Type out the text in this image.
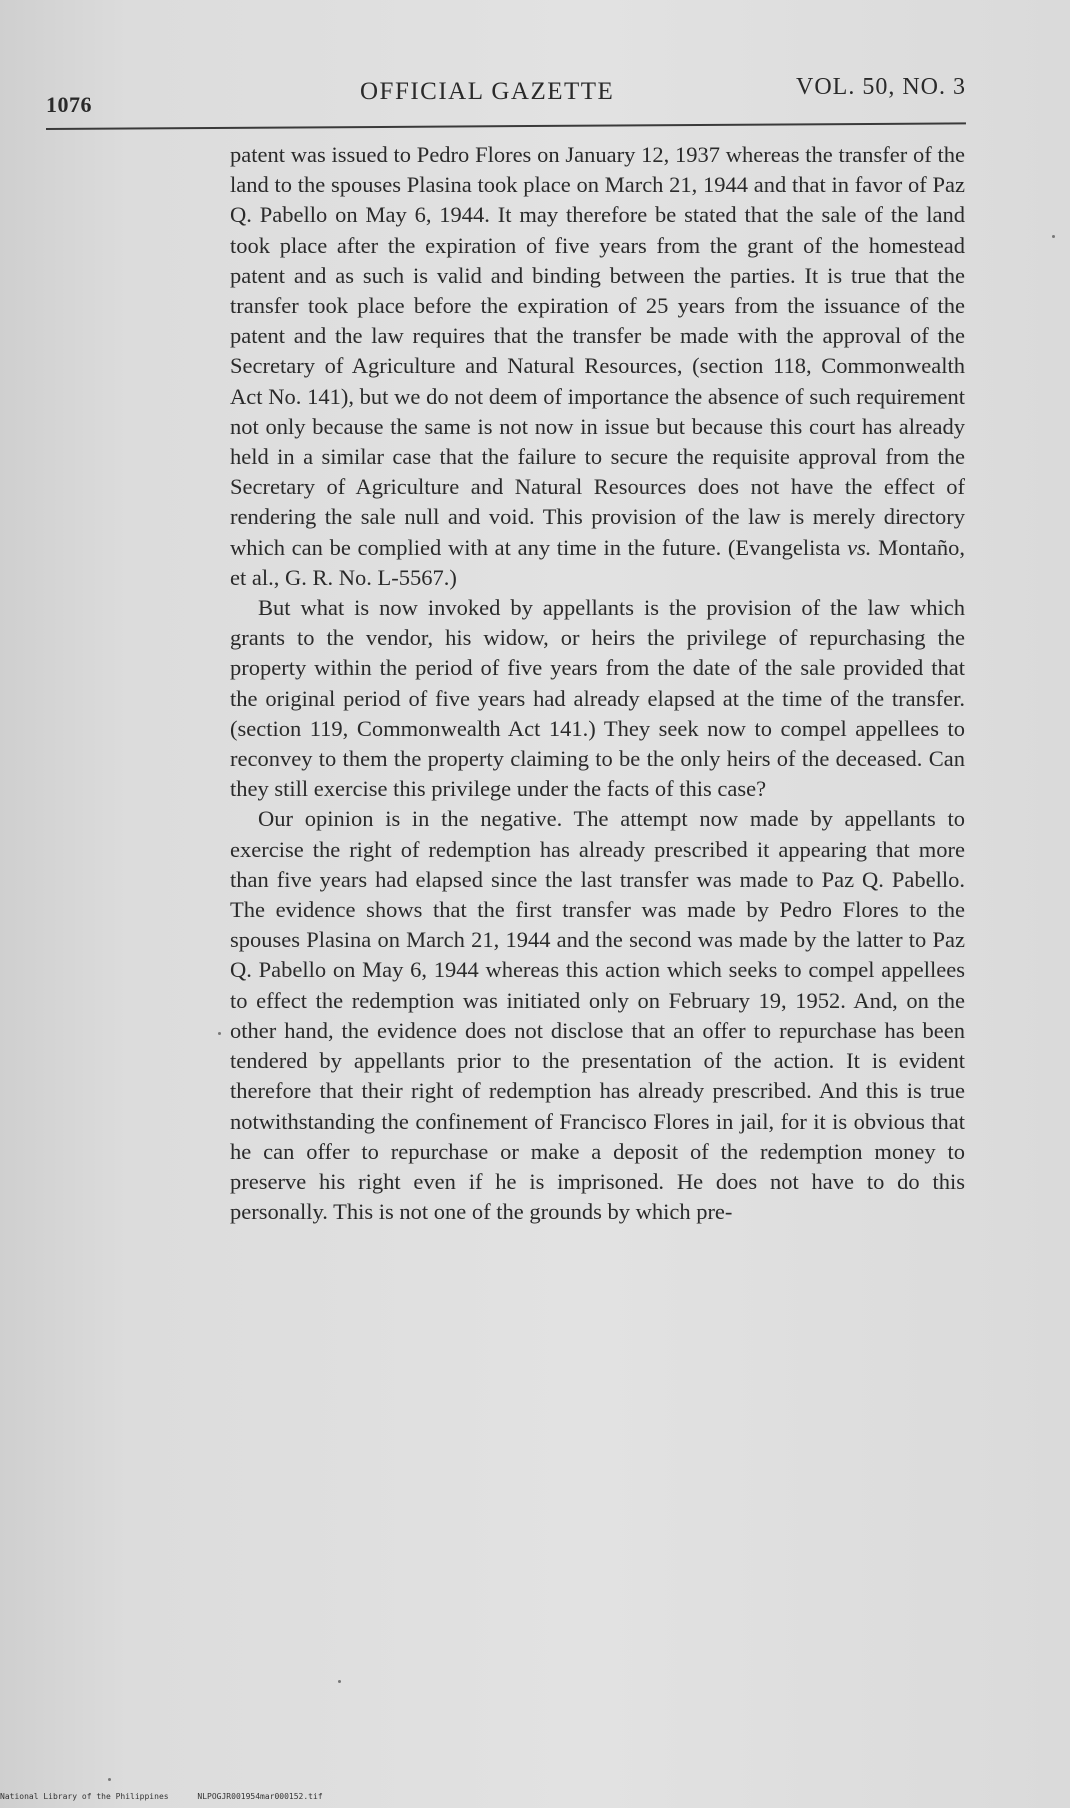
1076	OFFICIAL GAZETTE	VOL. 50, NO. 3

patent was issued to Pedro Flores on January 12, 1937 whereas the transfer of the land to the spouses Plasina took place on March 21, 1944 and that in favor of Paz Q. Pabello on May 6, 1944. It may therefore be stated that the sale of the land took place after the expiration of five years from the grant of the homestead patent and as such is valid and binding between the parties. It is true that the transfer took place before the expiration of 25 years from the issuance of the patent and the law requires that the transfer be made with the approval of the Secretary of Agriculture and Natural Resources, (section 118, Commonwealth Act No. 141), but we do not deem of importance the absence of such requirement not only because the same is not now in issue but because this court has already held in a similar case that the failure to secure the requisite approval from the Secretary of Agriculture and Natural Resources does not have the effect of rendering the sale null and void. This provision of the law is merely directory which can be complied with at any time in the future. (Evangelista vs. Montaño, et al., G. R. No. L-5567.)

But what is now invoked by appellants is the provision of the law which grants to the vendor, his widow, or heirs the privilege of repurchasing the property within the period of five years from the date of the sale provided that the original period of five years had already elapsed at the time of the transfer. (section 119, Commonwealth Act 141.) They seek now to compel appellees to reconvey to them the property claiming to be the only heirs of the deceased. Can they still exercise this privilege under the facts of this case?

Our opinion is in the negative. The attempt now made by appellants to exercise the right of redemption has already prescribed it appearing that more than five years had elapsed since the last transfer was made to Paz Q. Pabello. The evidence shows that the first transfer was made by Pedro Flores to the spouses Plasina on March 21, 1944 and the second was made by the latter to Paz Q. Pabello on May 6, 1944 whereas this action which seeks to compel appellees to effect the redemption was initiated only on February 19, 1952. And, on the other hand, the evidence does not disclose that an offer to repurchase has been tendered by appellants prior to the presentation of the action. It is evident therefore that their right of redemption has already prescribed. And this is true notwithstanding the confinement of Francisco Flores in jail, for it is obvious that he can offer to repurchase or make a deposit of the redemption money to preserve his right even if he is imprisoned. He does not have to do this personally. This is not one of the grounds by which pre-

National Library of the Philippines	NLPOGJR001954mar000152.tif
